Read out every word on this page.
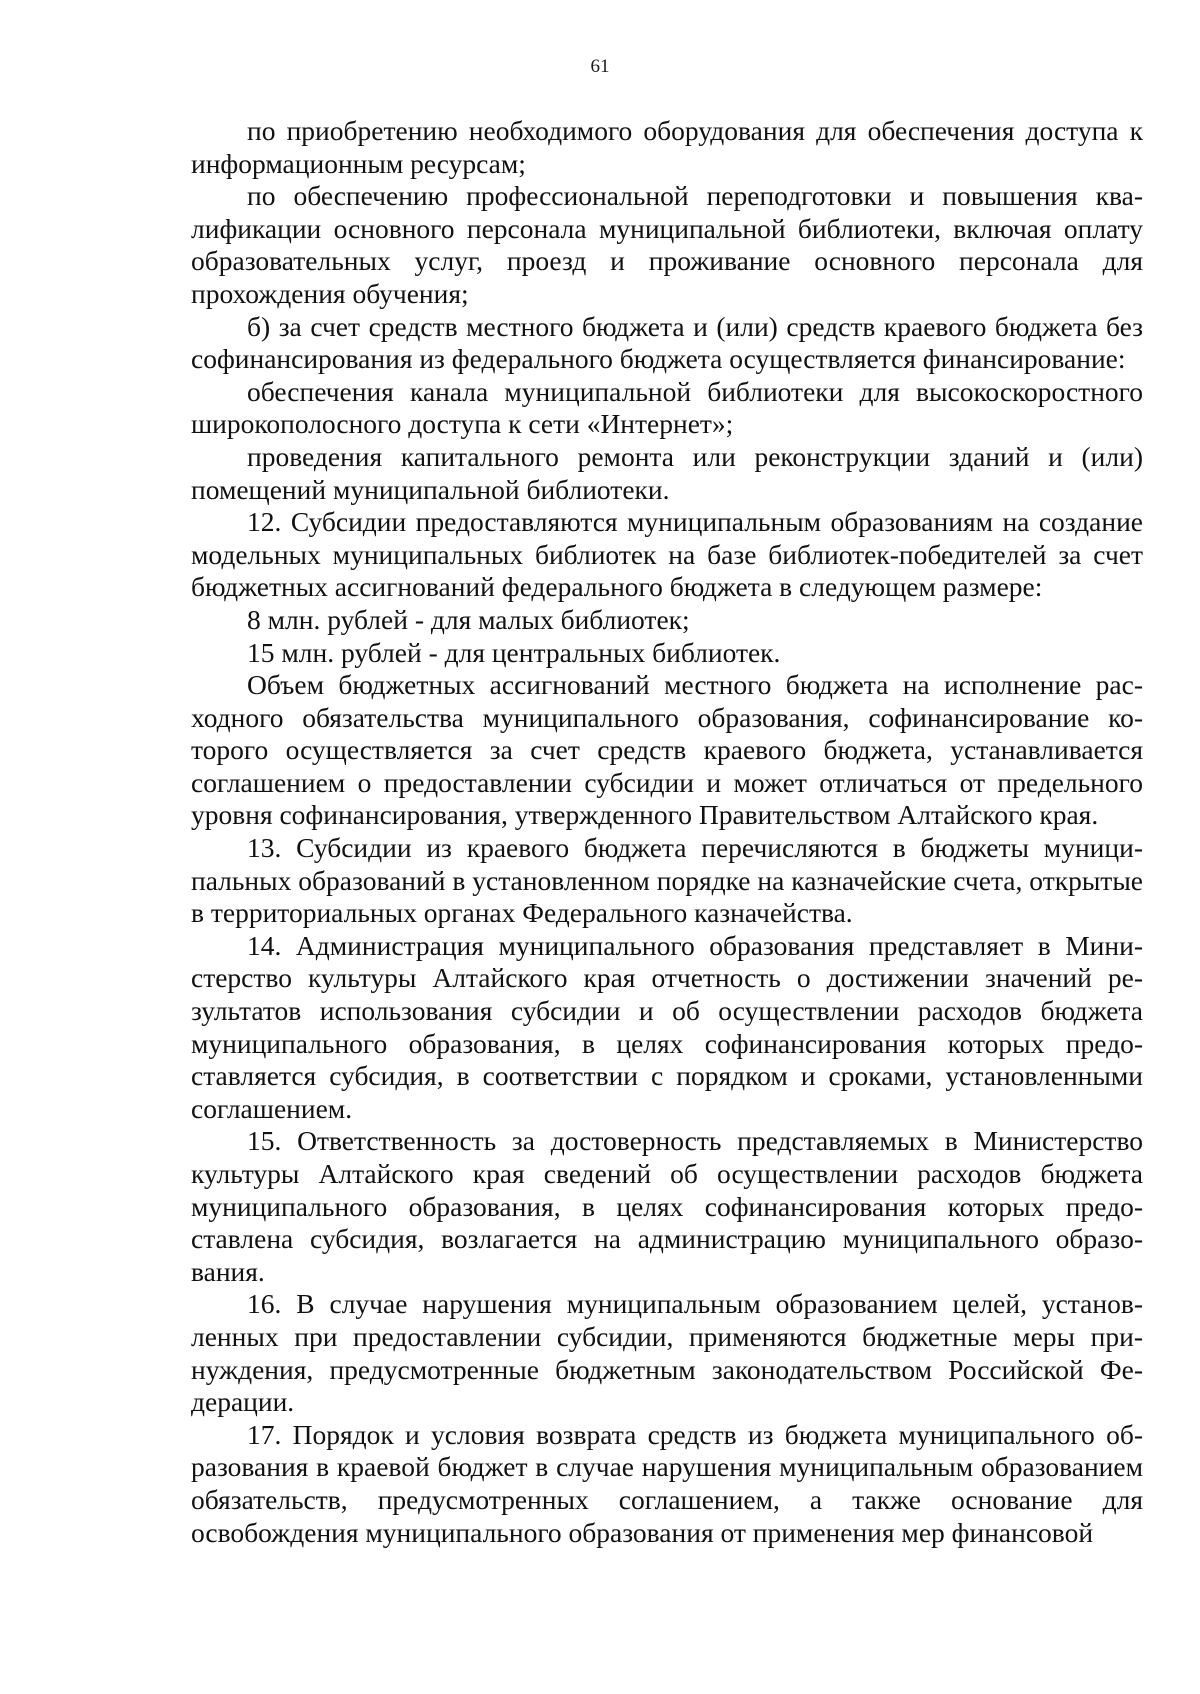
61

по приобретению необходимого оборудования для обеспечения доступа к информационным ресурсам;

по обеспечению профессиональной переподготовки и повышения квалификации основного персонала муниципальной библиотеки, включая оплату образовательных услуг, проезд и проживание основного персонала для прохождения обучения;

б) за счет средств местного бюджета и (или) средств краевого бюджета без софинансирования из федерального бюджета осуществляется финансирование:

обеспечения канала муниципальной библиотеки для высокоскоростного широкополосного доступа к сети «Интернет»;

проведения капитального ремонта или реконструкции зданий и (или) помещений муниципальной библиотеки.

12. Субсидии предоставляются муниципальным образованиям на создание модельных муниципальных библиотек на базе библиотек-победителей за счет бюджетных ассигнований федерального бюджета в следующем размере:

8 млн. рублей - для малых библиотек;

15 млн. рублей - для центральных библиотек.

Объем бюджетных ассигнований местного бюджета на исполнение расходного обязательства муниципального образования, софинансирование которого осуществляется за счет средств краевого бюджета, устанавливается соглашением о предоставлении субсидии и может отличаться от предельного уровня софинансирования, утвержденного Правительством Алтайского края.

13. Субсидии из краевого бюджета перечисляются в бюджеты муниципальных образований в установленном порядке на казначейские счета, открытые в территориальных органах Федерального казначейства.

14. Администрация муниципального образования представляет в Министерство культуры Алтайского края отчетность о достижении значений результатов использования субсидии и об осуществлении расходов бюджета муниципального образования, в целях софинансирования которых предоставляется субсидия, в соответствии с порядком и сроками, установленными соглашением.

15. Ответственность за достоверность представляемых в Министерство культуры Алтайского края сведений об осуществлении расходов бюджета муниципального образования, в целях софинансирования которых предоставлена субсидия, возлагается на администрацию муниципального образования.

16. В случае нарушения муниципальным образованием целей, установленных при предоставлении субсидии, применяются бюджетные меры принуждения, предусмотренные бюджетным законодательством Российской Федерации.

17. Порядок и условия возврата средств из бюджета муниципального образования в краевой бюджет в случае нарушения муниципальным образованием обязательств, предусмотренных соглашением, а также основание для освобождения муниципального образования от применения мер финансовой
